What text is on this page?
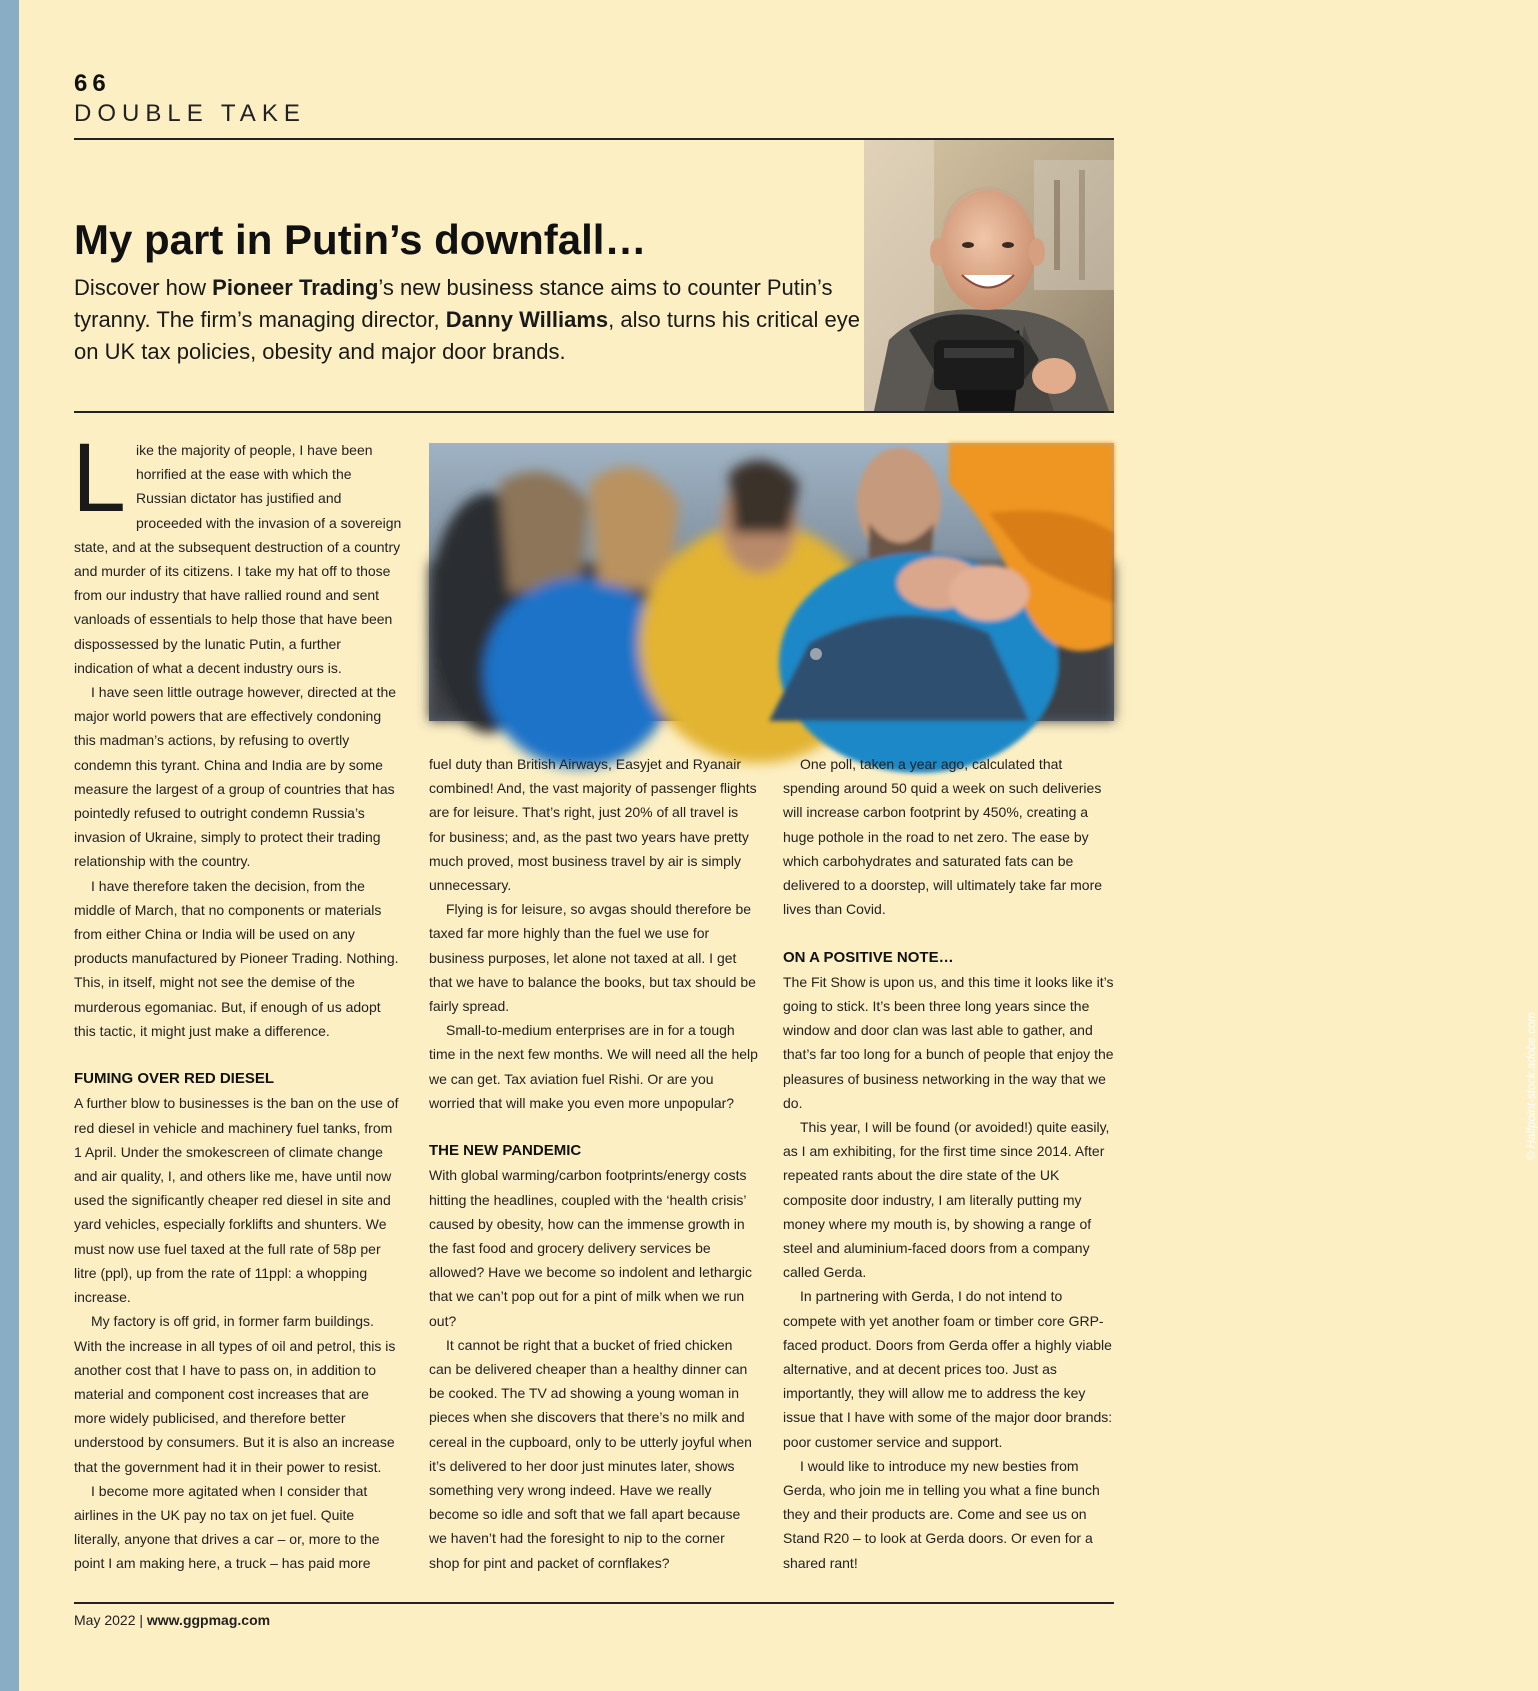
66
DOUBLE TAKE
My part in Putin’s downfall…

Discover how Pioneer Trading’s new business stance aims to counter Putin’s tyranny. The firm’s managing director, Danny Williams, also turns his critical eye on UK tax policies, obesity and major door brands.

© Halfpoint-stock.adobe.com

Like the majority of people, I have been horrified at the ease with which the Russian dictator has justified and proceeded with the invasion of a sovereign state, and at the subsequent destruction of a country and murder of its citizens. I take my hat off to those from our industry that have rallied round and sent vanloads of essentials to help those that have been dispossessed by the lunatic Putin, a further indication of what a decent industry ours is.

I have seen little outrage however, directed at the major world powers that are effectively condoning this madman’s actions, by refusing to overtly condemn this tyrant. China and India are by some measure the largest of a group of countries that has pointedly refused to outright condemn Russia’s invasion of Ukraine, simply to protect their trading relationship with the country.

I have therefore taken the decision, from the middle of March, that no components or materials from either China or India will be used on any products manufactured by Pioneer Trading. Nothing. This, in itself, might not see the demise of the murderous egomaniac. But, if enough of us adopt this tactic, it might just make a difference.

FUMING OVER RED DIESEL

A further blow to businesses is the ban on the use of red diesel in vehicle and machinery fuel tanks, from 1 April. Under the smokescreen of climate change and air quality, I, and others like me, have until now used the significantly cheaper red diesel in site and yard vehicles, especially forklifts and shunters. We must now use fuel taxed at the full rate of 58p per litre (ppl), up from the rate of 11ppl: a whopping increase.

My factory is off grid, in former farm buildings. With the increase in all types of oil and petrol, this is another cost that I have to pass on, in addition to material and component cost increases that are more widely publicised, and therefore better understood by consumers. But it is also an increase that the government had it in their power to resist.

I become more agitated when I consider that airlines in the UK pay no tax on jet fuel. Quite literally, anyone that drives a car – or, more to the point I am making here, a truck – has paid more

fuel duty than British Airways, Easyjet and Ryanair combined! And, the vast majority of passenger flights are for leisure. That’s right, just 20% of all travel is for business; and, as the past two years have pretty much proved, most business travel by air is simply unnecessary.

Flying is for leisure, so avgas should therefore be taxed far more highly than the fuel we use for business purposes, let alone not taxed at all. I get that we have to balance the books, but tax should be fairly spread.

Small-to-medium enterprises are in for a tough time in the next few months. We will need all the help we can get. Tax aviation fuel Rishi. Or are you worried that will make you even more unpopular?

THE NEW PANDEMIC

With global warming/carbon footprints/energy costs hitting the headlines, coupled with the ‘health crisis’ caused by obesity, how can the immense growth in the fast food and grocery delivery services be allowed? Have we become so indolent and lethargic that we can’t pop out for a pint of milk when we run out?

It cannot be right that a bucket of fried chicken can be delivered cheaper than a healthy dinner can be cooked. The TV ad showing a young woman in pieces when she discovers that there’s no milk and cereal in the cupboard, only to be utterly joyful when it’s delivered to her door just minutes later, shows something very wrong indeed. Have we really become so idle and soft that we fall apart because we haven’t had the foresight to nip to the corner shop for pint and packet of cornflakes?

One poll, taken a year ago, calculated that spending around 50 quid a week on such deliveries will increase carbon footprint by 450%, creating a huge pothole in the road to net zero. The ease by which carbohydrates and saturated fats can be delivered to a doorstep, will ultimately take far more lives than Covid.

ON A POSITIVE NOTE…

The Fit Show is upon us, and this time it looks like it’s going to stick. It’s been three long years since the window and door clan was last able to gather, and that’s far too long for a bunch of people that enjoy the pleasures of business networking in the way that we do.

This year, I will be found (or avoided!) quite easily, as I am exhibiting, for the first time since 2014. After repeated rants about the dire state of the UK composite door industry, I am literally putting my money where my mouth is, by showing a range of steel and aluminium-faced doors from a company called Gerda.

In partnering with Gerda, I do not intend to compete with yet another foam or timber core GRP-faced product. Doors from Gerda offer a highly viable alternative, and at decent prices too. Just as importantly, they will allow me to address the key issue that I have with some of the major door brands: poor customer service and support.

I would like to introduce my new besties from Gerda, who join me in telling you what a fine bunch they and their products are. Come and see us on Stand R20 – to look at Gerda doors. Or even for a shared rant!

May 2022 | www.ggpmag.com
